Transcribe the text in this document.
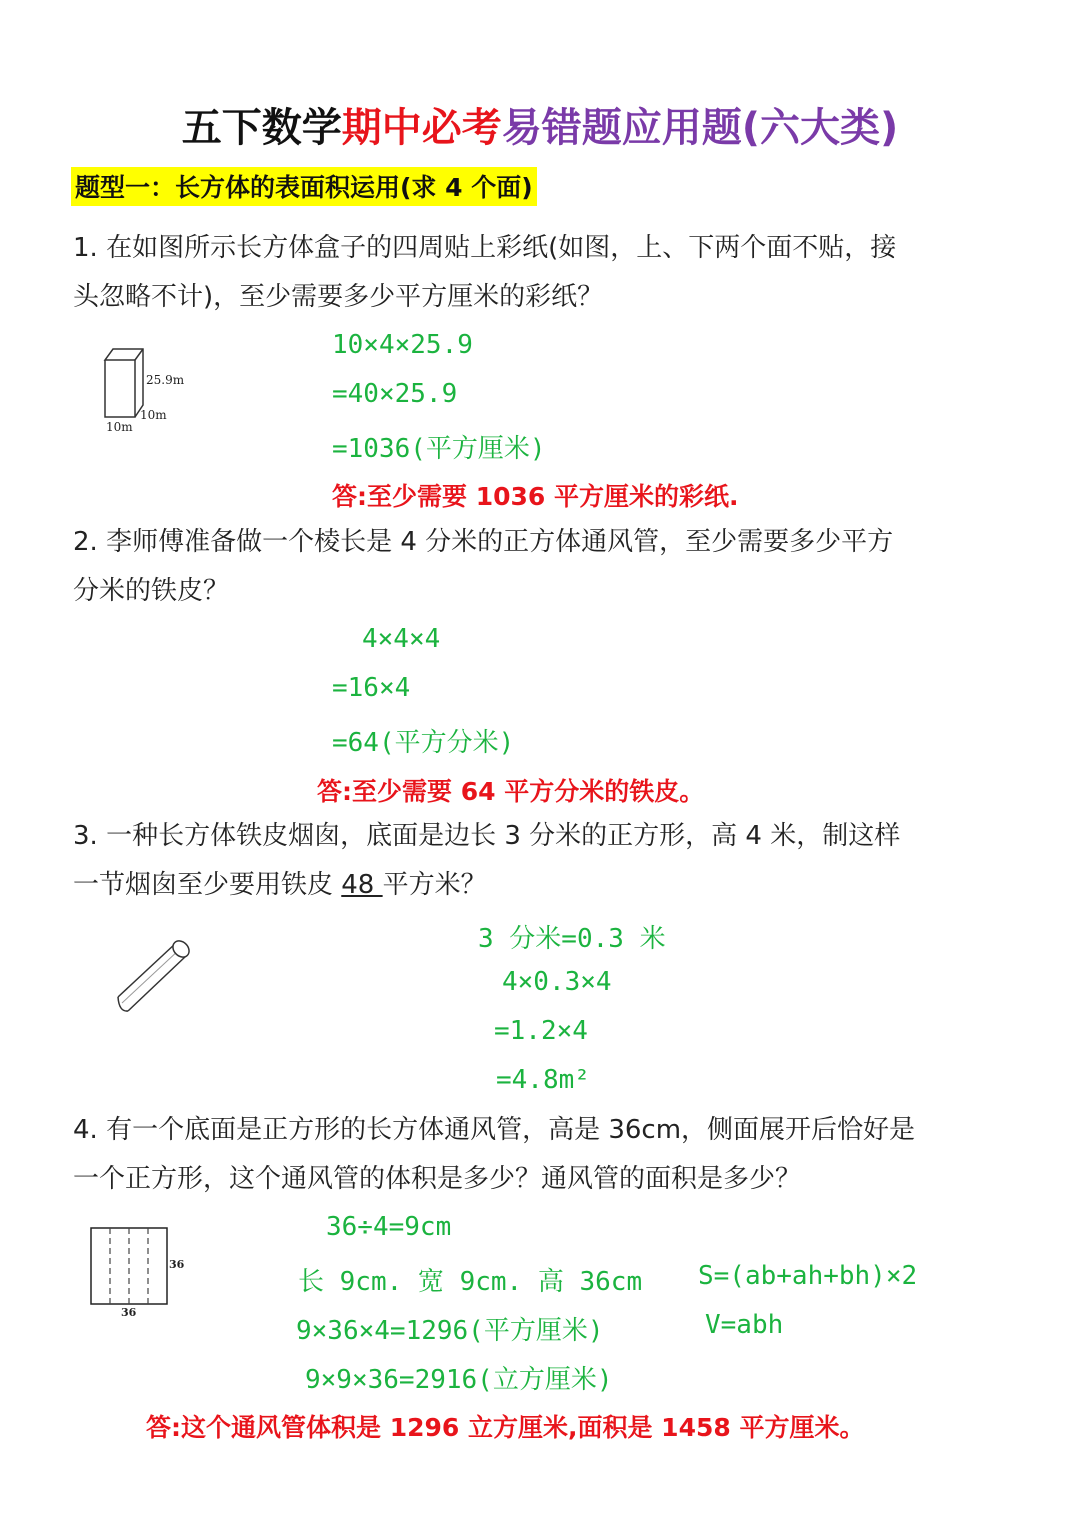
五下数学期中必考易错题应用题(六大类)
题型一：长方体的表面积运用(求 4 个面)
1. 在如图所示长方体盒子的四周贴上彩纸(如图，上、下两个面不贴，接
头忽略不计)，至少需要多少平方厘米的彩纸？
25.9m
10m
10m
10×4×25.9
=40×25.9
=1036(平方厘米)
答:至少需要 1036 平方厘米的彩纸.
2. 李师傅准备做一个棱长是 4 分米的正方体通风管，至少需要多少平方
分米的铁皮？
4×4×4
=16×4
=64(平方分米)
答:至少需要 64 平方分米的铁皮。
3. 一种长方体铁皮烟囱，底面是边长 3 分米的正方形，高 4 米，制这样
一节烟囱至少要用铁皮 48 平方米？
3 分米=0.3 米
4×0.3×4
=1.2×4
=4.8m²
4. 有一个底面是正方形的长方体通风管，高是 36cm，侧面展开后恰好是
一个正方形，这个通风管的体积是多少？通风管的面积是多少？
36
36
36÷4=9cm
长 9cm. 宽 9cm. 高 36cm
9×36×4=1296(平方厘米)
9×9×36=2916(立方厘米)
S=(ab+ah+bh)×2
V=abh
答:这个通风管体积是 1296 立方厘米,面积是 1458 平方厘米。
